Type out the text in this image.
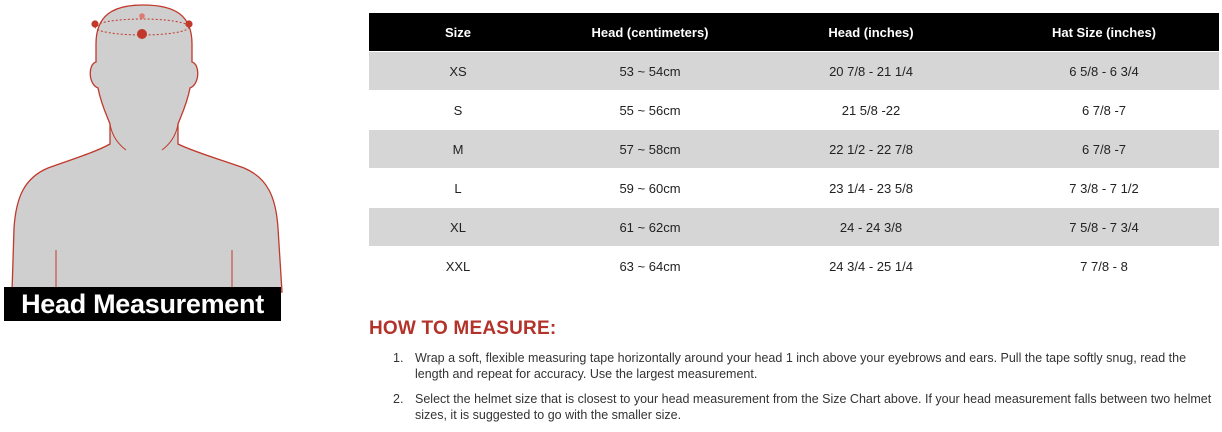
Head Measurement
Size	Head (centimeters)	Head (inches)	Hat Size (inches)
XS	53 ~ 54cm	20 7/8 - 21 1/4	6 5/8 - 6 3/4
S	55 ~ 56cm	21 5/8 -22	6 7/8 -7
M	57 ~ 58cm	22 1/2 - 22 7/8	6 7/8 -7
L	59 ~ 60cm	23 1/4 - 23 5/8	7 3/8 - 7 1/2
XL	61 ~ 62cm	24 - 24 3/8	7 5/8 - 7 3/4
XXL	63 ~ 64cm	24 3/4 - 25 1/4	7 7/8 - 8
HOW TO MEASURE:
1. Wrap a soft, flexible measuring tape horizontally around your head 1 inch above your eyebrows and ears. Pull the tape softly snug, read the length and repeat for accuracy. Use the largest measurement.
2. Select the helmet size that is closest to your head measurement from the Size Chart above. If your head measurement falls between two helmet sizes, it is suggested to go with the smaller size.
